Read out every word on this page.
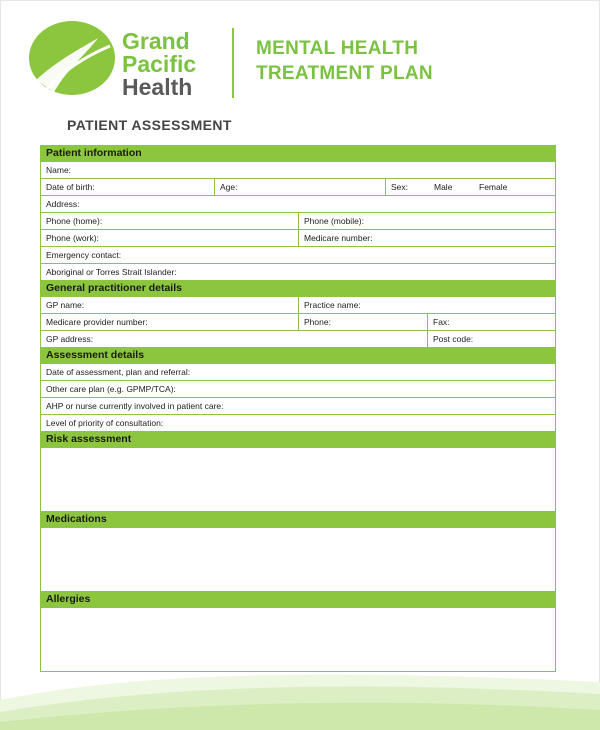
Grand
Pacific
Health
MENTAL HEALTH
TREATMENT PLAN
PATIENT ASSESSMENT
Patient information
Name:
Date of birth:	Age:	Sex:	Male	Female
Address:
Phone (home):	Phone (mobile):
Phone (work):	Medicare number:
Emergency contact:
Aboriginal or Torres Strait Islander:
General practitioner details
GP name:	Practice name:
Medicare provider number:	Phone:	Fax:
GP address:	Post code:
Assessment details
Date of assessment, plan and referral:
Other care plan (e.g. GPMP/TCA):
AHP or nurse currently involved in patient care:
Level of priority of consultation:
Risk assessment
Medications
Allergies
